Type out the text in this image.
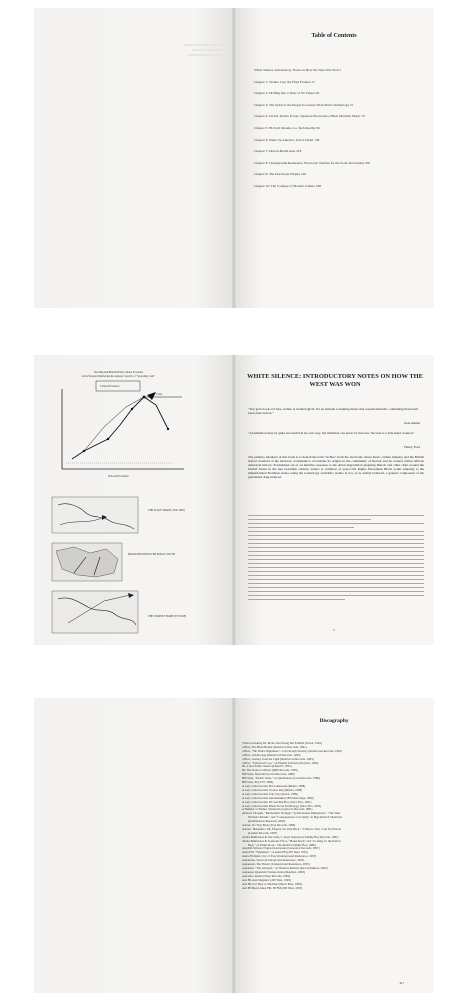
Table of Contents
White Silence: Introductory Notes on How the West Was Won 5
Chapter 1: Techno City, the Final Frontier 17
Chapter 2: Drifting Into a Time of No Future 26
Chapter 3: The Spirit of the People Is Greater Than Man's Technology 51
Chapter 4: Global Techno Power: Japanese Electronica, Black Machine Music 70
Chapter 5: Hi-Tech Dreams, Lo-Tech Reality 96
Chapter 6: Wake Up America, You're Dead! 148
Chapter 7: Detroit-Berlin Axis 218
Chapter 8: Underground Resistance: Electronic Warfare for the Sonic Revolution 250
Chapter 9: The Drexciyan Empire 318
Chapter 10: The Collapse of Modern Culture 348
Don Mischell/Mitchell/Plan Cultural Evolution
in the Western Manifesting Recognized Capacity of "Spreading Cash"
Cultural Evolution
Cyber
Time and Evolution
THE SLAVE TRADE (1500-1800)
MIGRATION FROM THE RURAL SOUTH
THE JOURNEY HOME (FUTURE)
WHITE SILENCE: INTRODUCTORY NOTES ON HOW THE WEST WAS WON
"You gotta look at it like, techno is technological. It's an attitude to making music that sounds futuristic, something that hasn't been done before."
Juan Atkins
"An imitation may be quite successful in its own way, but imitation can never be Success. Success is a first-hand creation."
Henry Ford
The primary intention of this book is to detach the term "techno" from the electronic dance music culture industry and the British lexical standard of the hardcore continuum to reconsider its origins in the community of Detroit and its context within African American history. Formulated out of an intuitive response to the urban degradation plaguing Detroit and other cities around the United States in the late twentieth century, techno is evidence of post-Civil Rights Movement Black youth adapting to the industrialized Northern states, using the technology available; techno is not, as is widely believed, a generic component of the globalized drug-induced
5
Discography
3 Piece featuring Dr. Motte, Der Klang Der Familie (Tresor, 1992)
4 Hero, The Head Hunter (Reinforced Records, 1991)
4 Hero, "Mr. Kirk's Nightmare," on In Rough Territory (Reinforced Records, 1991)
4 Hero, Golden Age (Reinforced Records, 1993)
4 Hero, Journey from the Light (Reinforced Records, 1993)
4 Hero, "Universal Love," on Parallel Universe (Polydor, 1994)
69, 4 Jazz Funk Classics (Planet E, 1991)
69, The Sound of Music (R&S Records, 1995)
808 State, Newbuild (Creed Records, 1988)
808 State, "Pacific State," on Quadrastate (Creed Records, 1989)
808 State, 90 (ZTT, 1989)
A Guy Called Gerald, Hot Lemonade (Rham!, 1988)
A Guy Called Gerald, Voodoo Ray (Rham!, 1988)
A Guy Called Gerald, Trip City (Avatar, 1989)
A Guy Called Gerald, Automanikk (CBS/Subterfuge, 1990)
A Guy Called Gerald, 28 Gun Bad Boy (Juice Box, 1991)
A Guy Called Gerald, Black Secret Technology (Juice Box, 1995)
A Number of Names, Sharevari (Capriccio Records, 1981)
Abstract Thought, "Biomorphic Triangle," Synchronized Dimensions," "The West
Woman's Pursuit," and "Consequences of Cloning" on Hypothetical Situations
(Kombination Research, 2005)
Adonis, No Way Back (Trax Records, 1986)
Adonis / Benjamin / Mr. Fingers, No Way Back / "I Want to Jack / Can You Feel It
(Landen Records, 1987)
Afrika Bambaataa & The Jazzy 5, Jazzy Sensation (Tommy Boy Records, 1981)
Afrika Bambaataa & Soulsonic Force, "Planet Rock" and "Looking for the Perfect
Beat," on Planet Rock - The Album (Tommy Boy, 1986)
Aleph/D-Wilson, Enginoid-surrender (Generator Records, 1997)
Alien FM, "Nightman," on Alien FM (430 West, 1991)
Andre Holland, City of Your (Underground Resistance, 1997)
Aquanauts, Spawn (Underground Resistance, 2003)
Aquanauts, The Titanic (Underground Resistance, 2005)
Aquanaut, "The Analysis," on Wireless Internet (Record Makers, 2002)
Aquanaut, Quantum Transportation (Rephlex, 2003)
Autechre, Amber (Warp Records, 1994)
Aux 88, Aux Magnetic (430 West, 1993)
Aux 88, Is it Man or Machine (Direct Beat, 1996)
Aux 88 Meets Alien FM, 88 FM (430 West, 1995)
417
